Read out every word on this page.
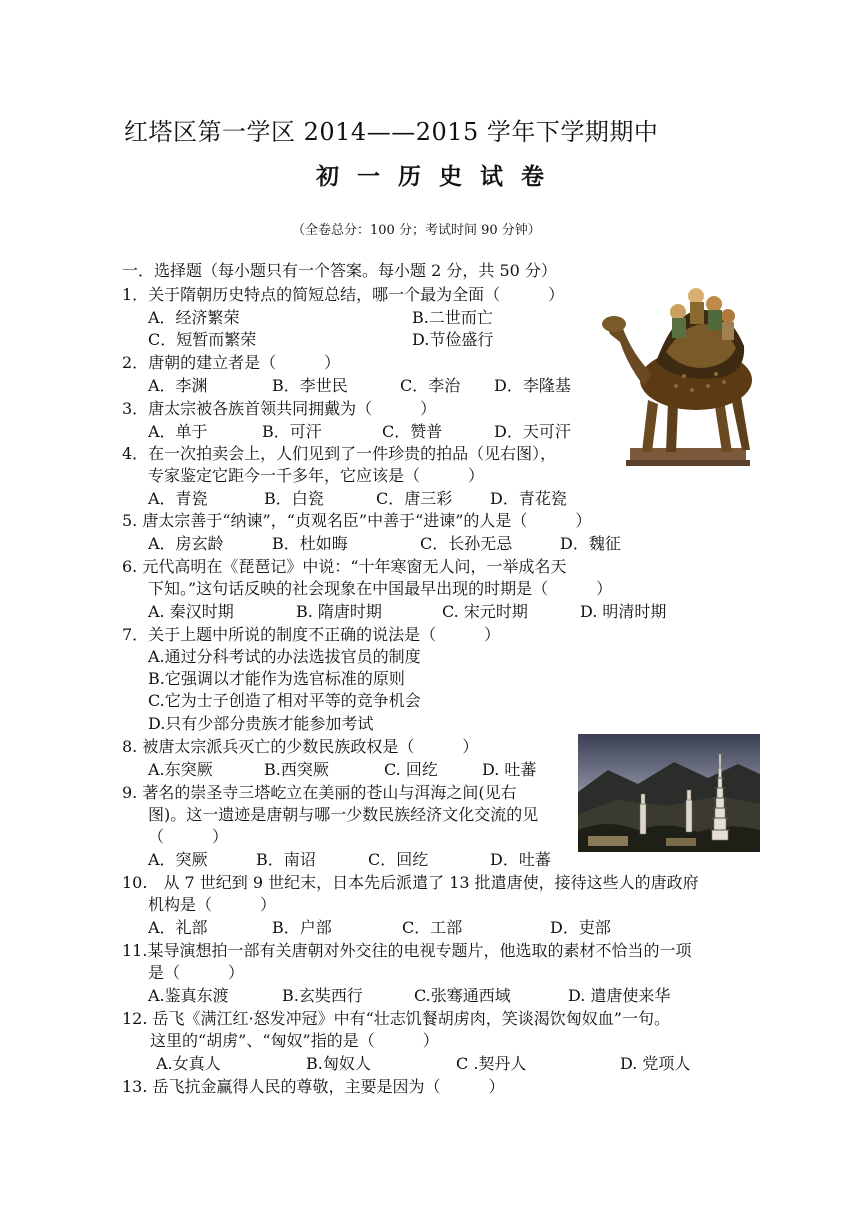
红塔区第一学区 2014——2015 学年下学期期中
初一历史试卷
（全卷总分：100 分；考试时间 90 分钟）
一．选择题（每小题只有一个答案。每小题 2 分，共 50 分）
1．关于隋朝历史特点的简短总结，哪一个最为全面（　　　）
A．经济繁荣	B.二世而亡
C．短暂而繁荣	D.节俭盛行
2．唐朝的建立者是（　　　）
A．李渊	B．李世民	C．李治 D．李隆基
3．唐太宗被各族首领共同拥戴为（　　　）
A．单于	B．可汗	C．赞普	D．天可汗
4．在一次拍卖会上，人们见到了一件珍贵的拍品（见右图），
专家鉴定它距今一千多年，它应该是（　　　）
A．青瓷	B．白瓷	C．唐三彩 D．青花瓷
5. 唐太宗善于“纳谏”，“贞观名臣”中善于“进谏”的人是（　　　）
A．房玄龄	B．杜如晦	C．长孙无忌	D．魏征
6. 元代高明在《琵琶记》中说：“十年寒窗无人问，一举成名天
下知。”这句话反映的社会现象在中国最早出现的时期是（　　　）
A. 秦汉时期	B. 隋唐时期	C. 宋元时期	D. 明清时期
7．关于上题中所说的制度不正确的说法是（　　　）
A.通过分科考试的办法选拔官员的制度
B.它强调以才能作为选官标准的原则
C.它为士子创造了相对平等的竞争机会
D.只有少部分贵族才能参加考试
8. 被唐太宗派兵灭亡的少数民族政权是（　　　）
A.东突厥	B.西突厥	C. 回纥	D. 吐蕃
9. 著名的崇圣寺三塔屹立在美丽的苍山与洱海之间(见右
图)。这一遗迹是唐朝与哪一少数民族经济文化交流的见
（　　　）
A．突厥	B．南诏	C．回纥	D．吐蕃
10.　从 7 世纪到 9 世纪末，日本先后派遣了 13 批遣唐使，接待这些人的唐政府
机构是（　　　）
A．礼部	B．户部	C．工部	D．吏部
11.某导演想拍一部有关唐朝对外交往的电视专题片，他选取的素材不恰当的一项
是（　　　）
A.鉴真东渡	B.玄奘西行	C.张骞通西域	D. 遣唐使来华
12. 岳飞《满江红·怒发冲冠》中有“壮志饥餐胡虏肉，笑谈渴饮匈奴血”一句。
这里的“胡虏”、“匈奴”指的是（　　　）
A.女真人	B.匈奴人	C .契丹人	D. 党项人
13. 岳飞抗金赢得人民的尊敬，主要是因为（　　　）
